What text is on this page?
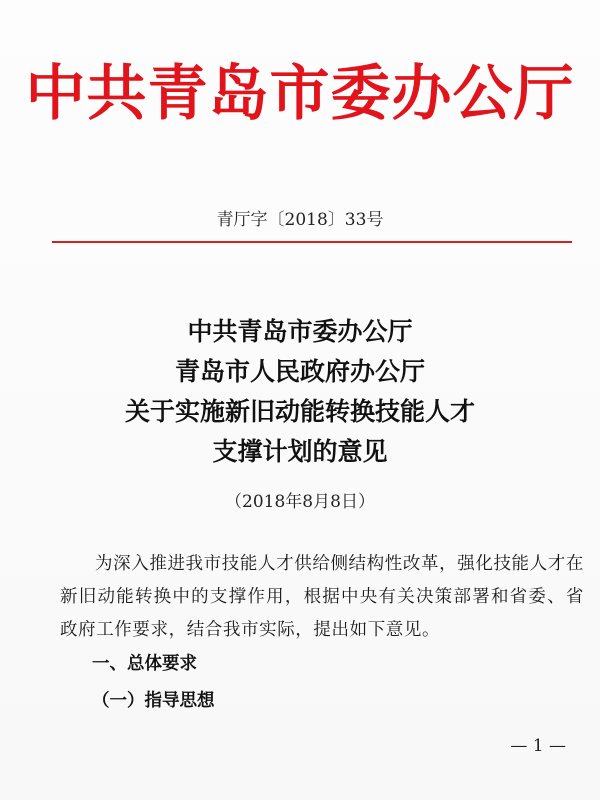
中共青岛市委办公厅
青厅字〔2018〕33号
中共青岛市委办公厅
青岛市人民政府办公厅
关于实施新旧动能转换技能人才
支撑计划的意见
（2018年8月8日）

为深入推进我市技能人才供给侧结构性改革，强化技能人才在新旧动能转换中的支撑作用，根据中央有关决策部署和省委、省政府工作要求，结合我市实际，提出如下意见。

一、总体要求
（一）指导思想
— 1 —
